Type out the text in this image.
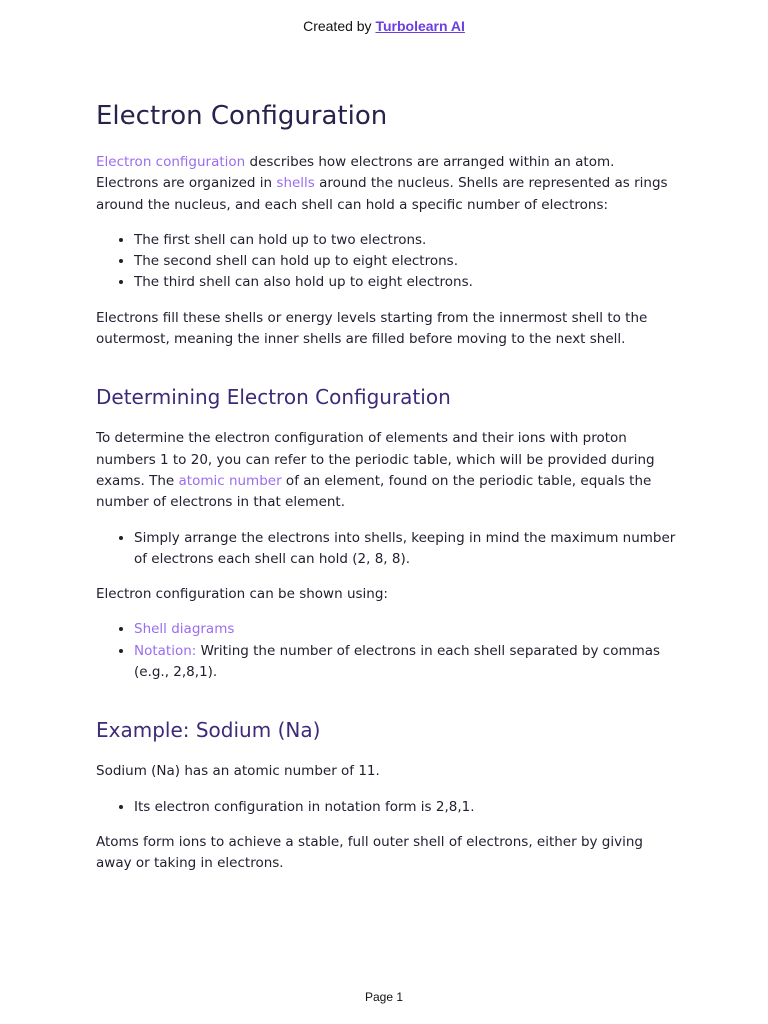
Created by Turbolearn AI
Electron Configuration

Electron configuration describes how electrons are arranged within an atom. Electrons are organized in shells around the nucleus. Shells are represented as rings around the nucleus, and each shell can hold a specific number of electrons:

• The first shell can hold up to two electrons.
• The second shell can hold up to eight electrons.
• The third shell can also hold up to eight electrons.

Electrons fill these shells or energy levels starting from the innermost shell to the outermost, meaning the inner shells are filled before moving to the next shell.

Determining Electron Configuration

To determine the electron configuration of elements and their ions with proton numbers 1 to 20, you can refer to the periodic table, which will be provided during exams. The atomic number of an element, found on the periodic table, equals the number of electrons in that element.

• Simply arrange the electrons into shells, keeping in mind the maximum number of electrons each shell can hold (2, 8, 8).

Electron configuration can be shown using:

• Shell diagrams
• Notation: Writing the number of electrons in each shell separated by commas (e.g., 2,8,1).
Example: Sodium (Na)

Sodium (Na) has an atomic number of 11.

• Its electron configuration in notation form is 2,8,1.

Atoms form ions to achieve a stable, full outer shell of electrons, either by giving away or taking in electrons.

Page 1
